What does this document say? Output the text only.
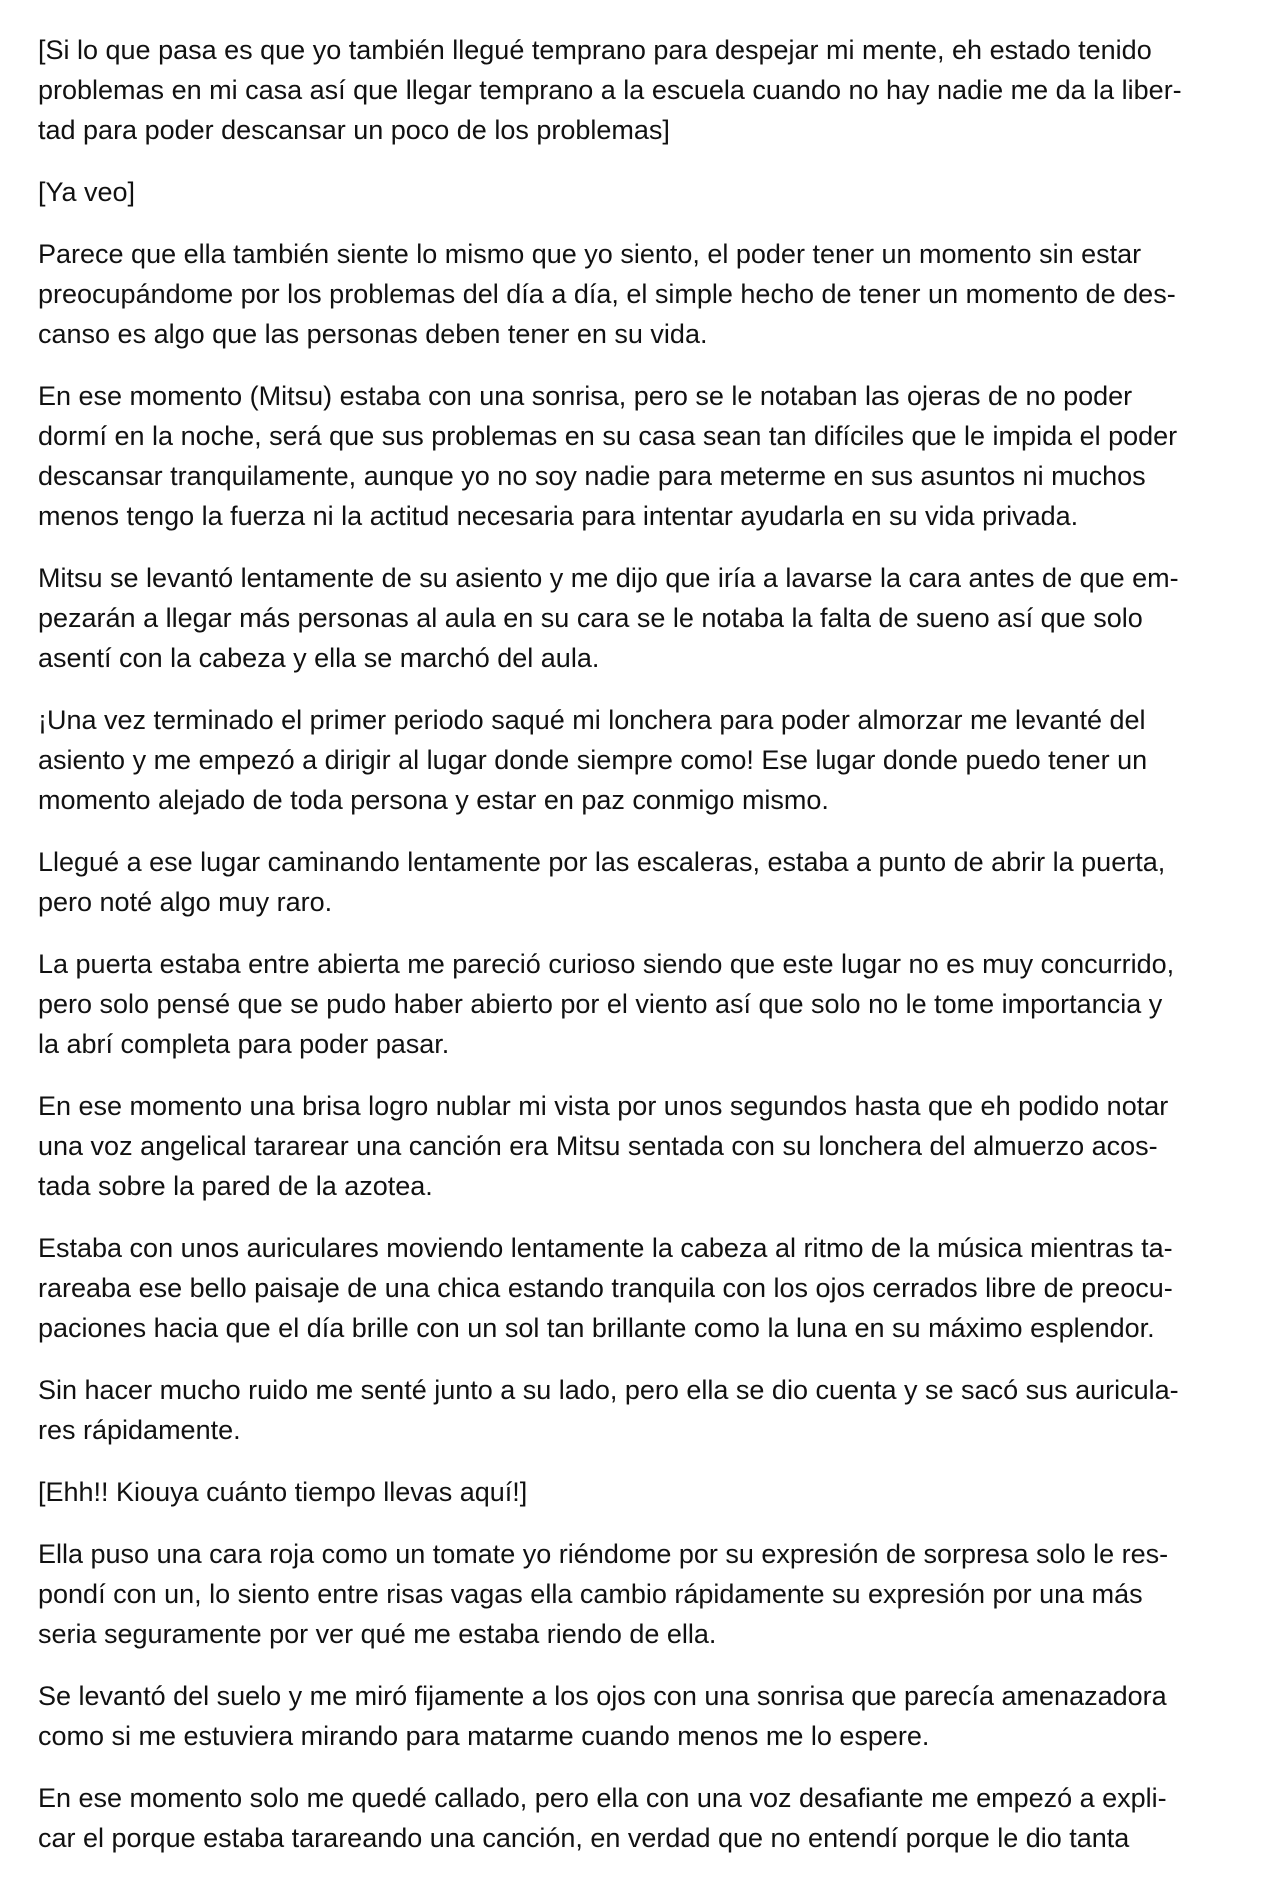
[Si lo que pasa es que yo también llegué temprano para despejar mi mente, eh estado tenido
problemas en mi casa así que llegar temprano a la escuela cuando no hay nadie me da la liber-
tad para poder descansar un poco de los problemas]
[Ya veo]
Parece que ella también siente lo mismo que yo siento, el poder tener un momento sin estar
preocupándome por los problemas del día a día, el simple hecho de tener un momento de des-
canso es algo que las personas deben tener en su vida.
En ese momento (Mitsu) estaba con una sonrisa, pero se le notaban las ojeras de no poder
dormí en la noche, será que sus problemas en su casa sean tan difíciles que le impida el poder
descansar tranquilamente, aunque yo no soy nadie para meterme en sus asuntos ni muchos
menos tengo la fuerza ni la actitud necesaria para intentar ayudarla en su vida privada.
Mitsu se levantó lentamente de su asiento y me dijo que iría a lavarse la cara antes de que em-
pezarán a llegar más personas al aula en su cara se le notaba la falta de sueno así que solo
asentí con la cabeza y ella se marchó del aula.
¡Una vez terminado el primer periodo saqué mi lonchera para poder almorzar me levanté del
asiento y me empezó a dirigir al lugar donde siempre como! Ese lugar donde puedo tener un
momento alejado de toda persona y estar en paz conmigo mismo.
Llegué a ese lugar caminando lentamente por las escaleras, estaba a punto de abrir la puerta,
pero noté algo muy raro.
La puerta estaba entre abierta me pareció curioso siendo que este lugar no es muy concurrido,
pero solo pensé que se pudo haber abierto por el viento así que solo no le tome importancia y
la abrí completa para poder pasar.
En ese momento una brisa logro nublar mi vista por unos segundos hasta que eh podido notar
una voz angelical tararear una canción era Mitsu sentada con su lonchera del almuerzo acos-
tada sobre la pared de la azotea.
Estaba con unos auriculares moviendo lentamente la cabeza al ritmo de la música mientras ta-
rareaba ese bello paisaje de una chica estando tranquila con los ojos cerrados libre de preocu-
paciones hacia que el día brille con un sol tan brillante como la luna en su máximo esplendor.
Sin hacer mucho ruido me senté junto a su lado, pero ella se dio cuenta y se sacó sus auricula-
res rápidamente.
[Ehh!! Kiouya cuánto tiempo llevas aquí!]
Ella puso una cara roja como un tomate yo riéndome por su expresión de sorpresa solo le res-
pondí con un, lo siento entre risas vagas ella cambio rápidamente su expresión por una más
seria seguramente por ver qué me estaba riendo de ella.
Se levantó del suelo y me miró fijamente a los ojos con una sonrisa que parecía amenazadora
como si me estuviera mirando para matarme cuando menos me lo espere.
En ese momento solo me quedé callado, pero ella con una voz desafiante me empezó a expli-
car el porque estaba tarareando una canción, en verdad que no entendí porque le dio tanta
